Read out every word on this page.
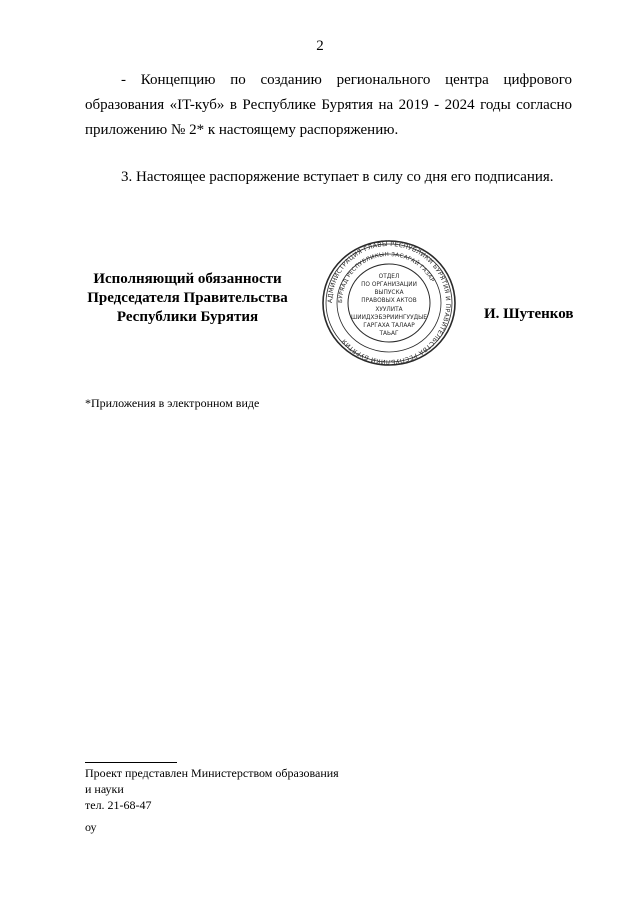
2
- Концепцию по созданию регионального центра цифрового образования «IT-куб» в Республике Бурятия на 2019 - 2024 годы согласно приложению № 2* к настоящему распоряжению.
3. Настоящее распоряжение вступает в силу со дня его подписания.
Исполняющий обязанности
Председателя Правительства
Республики Бурятия
АДМИНИСТРАЦИЯ ГЛАВЫ РЕСПУБЛИКИ БУРЯТИЯ И ПРАВИТЕЛЬСТВА РЕСПУБЛИКИ БУРЯТИЯ
БУРЯАД РЕСПУБЛИКЫН ЗАСАГАЙ ГАЗАР
ОТДЕЛ
ПО ОРГАНИЗАЦИИ
ВЫПУСКА
ПРАВОВЫХ АКТОВ
ХУУЛИТА
ШИИДХЭБЭРИИНГУУДЫЕ
ГАРГАХА ТАЛААР
ТАЬАГ
И. Шутенков
*Приложения в электронном виде
Проект представлен Министерством образования
и науки
тел. 21-68-47
оу
